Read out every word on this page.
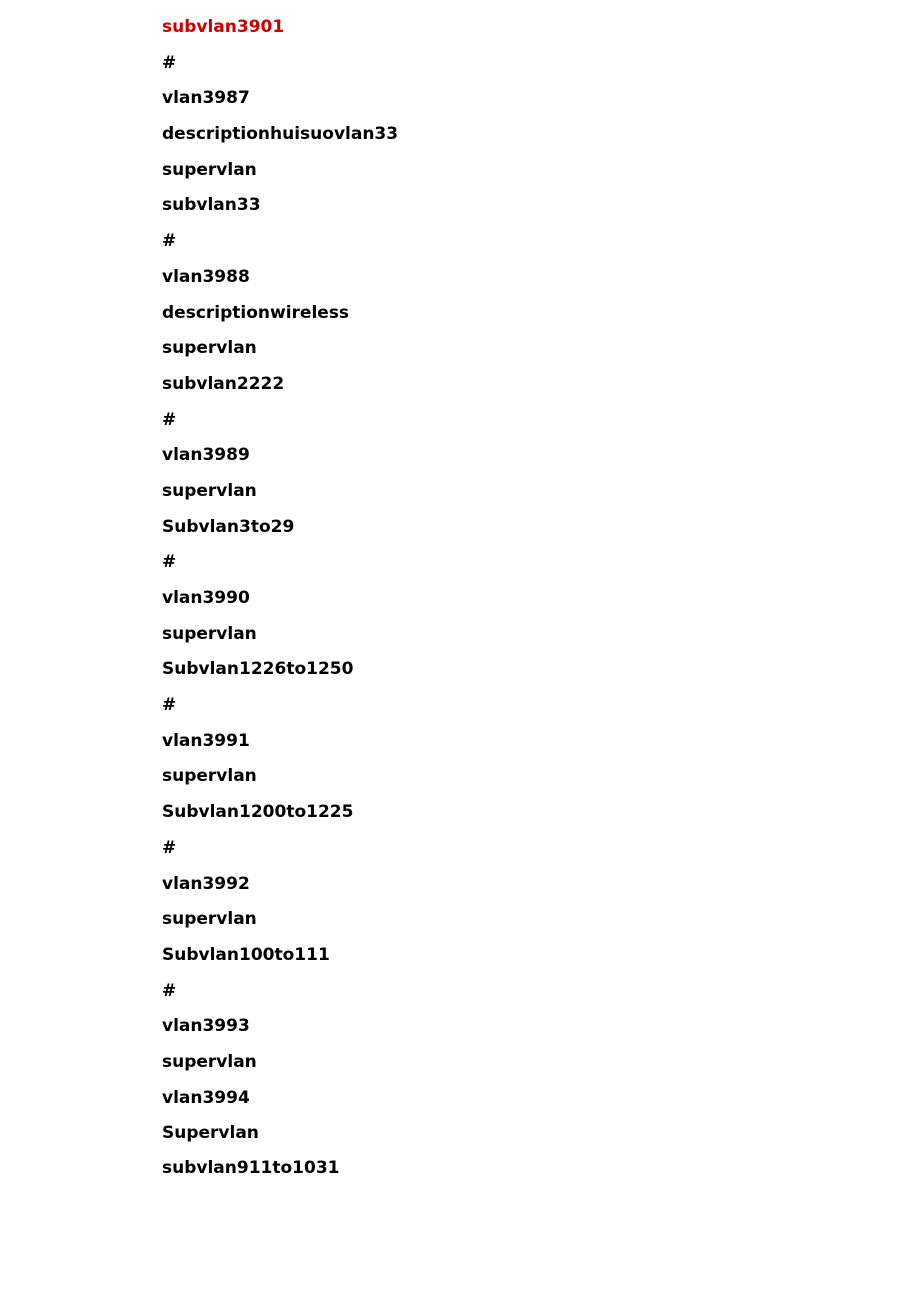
subvlan3901
#
vlan3987
descriptionhuisuovlan33
supervlan
subvlan33
#
vlan3988
descriptionwireless
supervlan
subvlan2222
#
vlan3989
supervlan
Subvlan3to29
#
vlan3990
supervlan
Subvlan1226to1250
#
vlan3991
supervlan
Subvlan1200to1225
#
vlan3992
supervlan
Subvlan100to111
#
vlan3993
supervlan
vlan3994
Supervlan
subvlan911to1031
